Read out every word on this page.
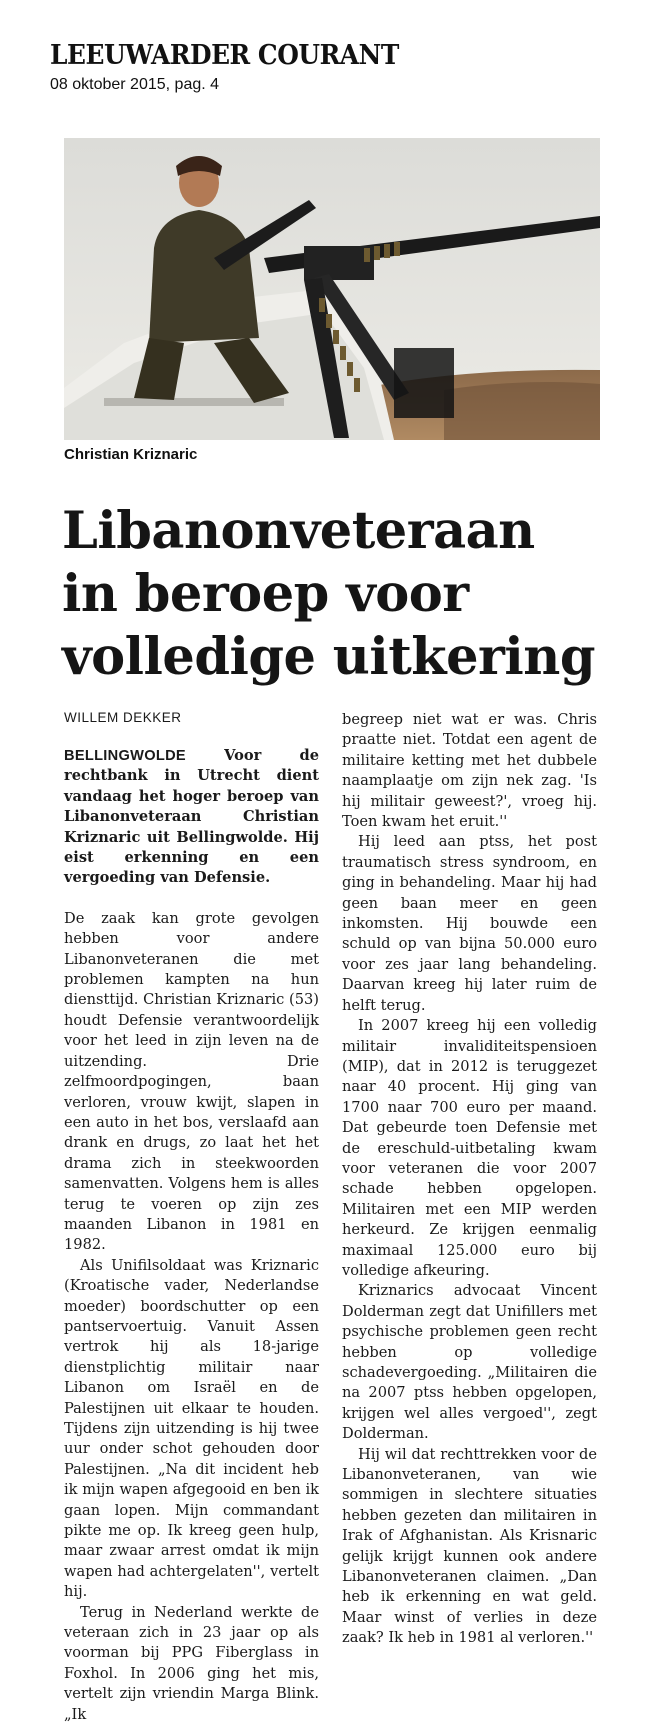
LEEUWARDER COURANT
08 oktober 2015, pag. 4
Christian Kriznaric
Libanonveteraan
in beroep voor
volledige uitkering
WILLEM DEKKER

BELLINGWOLDE Voor de rechtbank in Utrecht dient vandaag het hoger beroep van Libanonveteraan Christian Kriznaric uit Bellingwolde. Hij eist erkenning en een vergoeding van Defensie.

De zaak kan grote gevolgen hebben voor andere Libanonveteranen die met problemen kampten na hun diensttijd. Christian Kriznaric (53) houdt Defensie verantwoordelijk voor het leed in zijn leven na de uitzending. Drie zelfmoordpogingen, baan verloren, vrouw kwijt, slapen in een auto in het bos, verslaafd aan drank en drugs, zo laat het het drama zich in steekwoorden samenvatten. Volgens hem is alles terug te voeren op zijn zes maanden Libanon in 1981 en 1982.

Als Unifilsoldaat was Kriznaric (Kroatische vader, Nederlandse moeder) boordschutter op een pantservoertuig. Vanuit Assen vertrok hij als 18-jarige dienstplichtig militair naar Libanon om Israël en de Palestijnen uit elkaar te houden. Tijdens zijn uitzending is hij twee uur onder schot gehouden door Palestijnen. „Na dit incident heb ik mijn wapen afgegooid en ben ik gaan lopen. Mijn commandant pikte me op. Ik kreeg geen hulp, maar zwaar arrest omdat ik mijn wapen had achtergelaten'', vertelt hij.

Terug in Nederland werkte de veteraan zich in 23 jaar op als voorman bij PPG Fiberglass in Foxhol. In 2006 ging het mis, vertelt zijn vriendin Marga Blink. „Ik

begreep niet wat er was. Chris praatte niet. Totdat een agent de militaire ketting met het dubbele naamplaatje om zijn nek zag. 'Is hij militair geweest?', vroeg hij. Toen kwam het eruit.''

Hij leed aan ptss, het post traumatisch stress syndroom, en ging in behandeling. Maar hij had geen baan meer en geen inkomsten. Hij bouwde een schuld op van bijna 50.000 euro voor zes jaar lang behandeling. Daarvan kreeg hij later ruim de helft terug.

In 2007 kreeg hij een volledig militair invaliditeitspensioen (MIP), dat in 2012 is teruggezet naar 40 procent. Hij ging van 1700 naar 700 euro per maand. Dat gebeurde toen Defensie met de ereschuld-uitbetaling kwam voor veteranen die voor 2007 schade hebben opgelopen. Militairen met een MIP werden herkeurd. Ze krijgen eenmalig maximaal 125.000 euro bij volledige afkeuring.

Kriznarics advocaat Vincent Dolderman zegt dat Unifillers met psychische problemen geen recht hebben op volledige schadevergoeding. „Militairen die na 2007 ptss hebben opgelopen, krijgen wel alles vergoed'', zegt Dolderman.

Hij wil dat rechttrekken voor de Libanonveteranen, van wie sommigen in slechtere situaties hebben gezeten dan militairen in Irak of Afghanistan. Als Krisnaric gelijk krijgt kunnen ook andere Libanonveteranen claimen. „Dan heb ik erkenning en wat geld. Maar winst of verlies in deze zaak? Ik heb in 1981 al verloren.''
